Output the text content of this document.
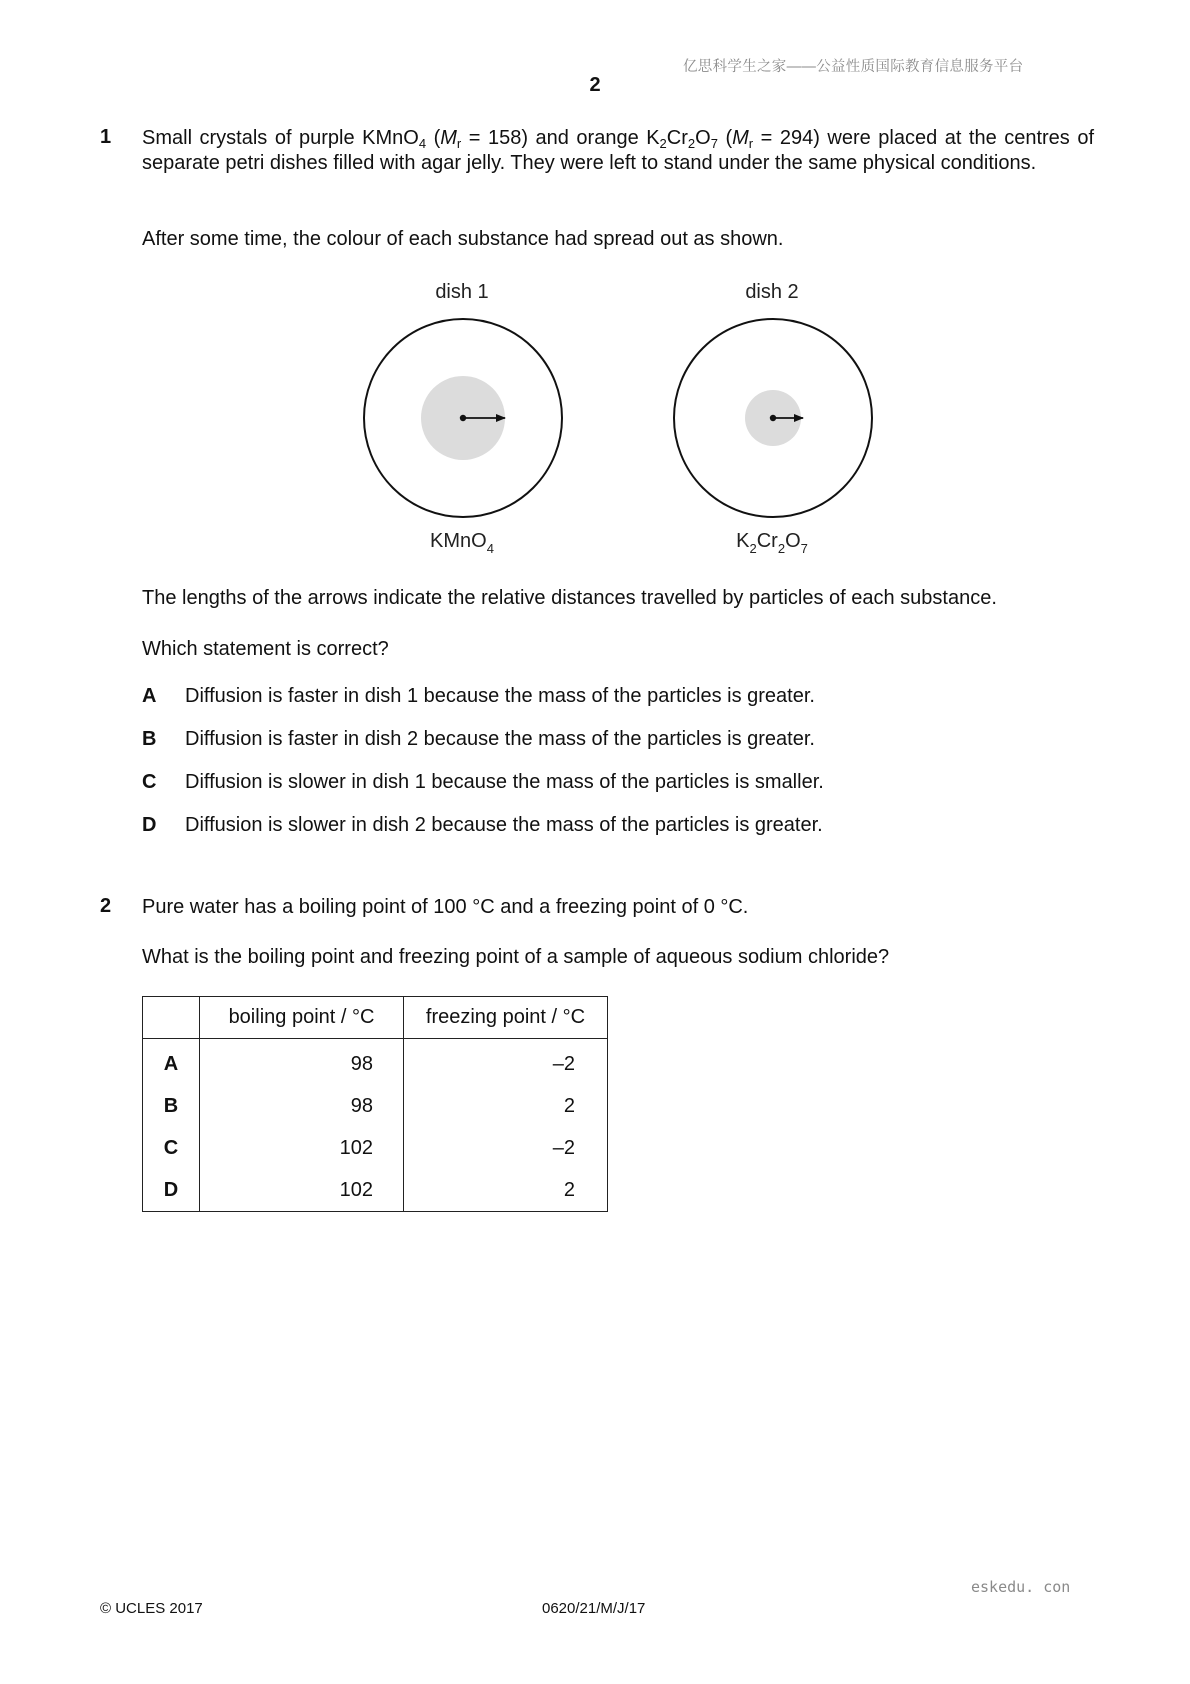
亿思科学生之家——公益性质国际教育信息服务平台
2
1 Small crystals of purple KMnO$_4$ $(M_r = 158)$ and orange $K_2Cr_2O_7$ $(M_r = 294)$ were placed at the centres of separate petri dishes filled with agar jelly. They were left to stand under the same physical conditions.
After some time, the colour of each substance had spread out as shown.
dish 1	dish 2
KMnO$_4$	$K_2Cr_2O_7$
The lengths of the arrows indicate the relative distances travelled by particles of each substance.
Which statement is correct?
A Diffusion is faster in dish 1 because the mass of the particles is greater.
B Diffusion is faster in dish 2 because the mass of the particles is greater.
C Diffusion is slower in dish 1 because the mass of the particles is smaller.
D Diffusion is slower in dish 2 because the mass of the particles is greater.
2 Pure water has a boiling point of 100 °C and a freezing point of 0 °C.
What is the boiling point and freezing point of a sample of aqueous sodium chloride?
	boiling point / °C	freezing point / °C
A	98	–2
B	98	2
C	102	–2
D	102	2
eskedu. con
© UCLES 2017	0620/21/M/J/17
